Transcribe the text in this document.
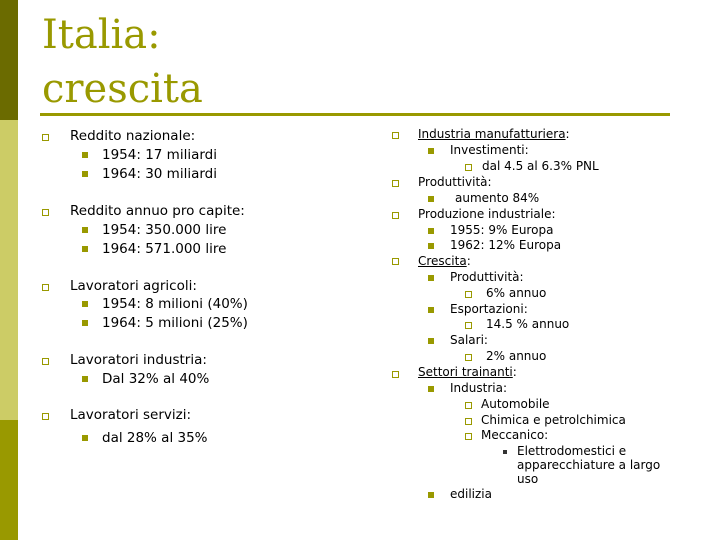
Italia:
crescita
Reddito nazionale:
1954: 17 miliardi
1964: 30 miliardi
Reddito annuo pro capite:
1954: 350.000 lire
1964: 571.000 lire
Lavoratori agricoli:
1954: 8 milioni (40%)
1964: 5 milioni (25%)
Lavoratori industria:
Dal 32% al 40%
Lavoratori servizi:
dal 28% al 35%
Industria manufatturiera:
Investimenti:
dal 4.5 al 6.3% PNL
Produttività:
aumento 84%
Produzione industriale:
1955: 9% Europa
1962: 12% Europa
Crescita:
Produttività:
6% annuo
Esportazioni:
14.5 % annuo
Salari:
2% annuo
Settori trainanti:
Industria:
Automobile
Chimica e petrolchimica
Meccanico:
Elettrodomestici e
apparecchiature a largo
uso
edilizia
